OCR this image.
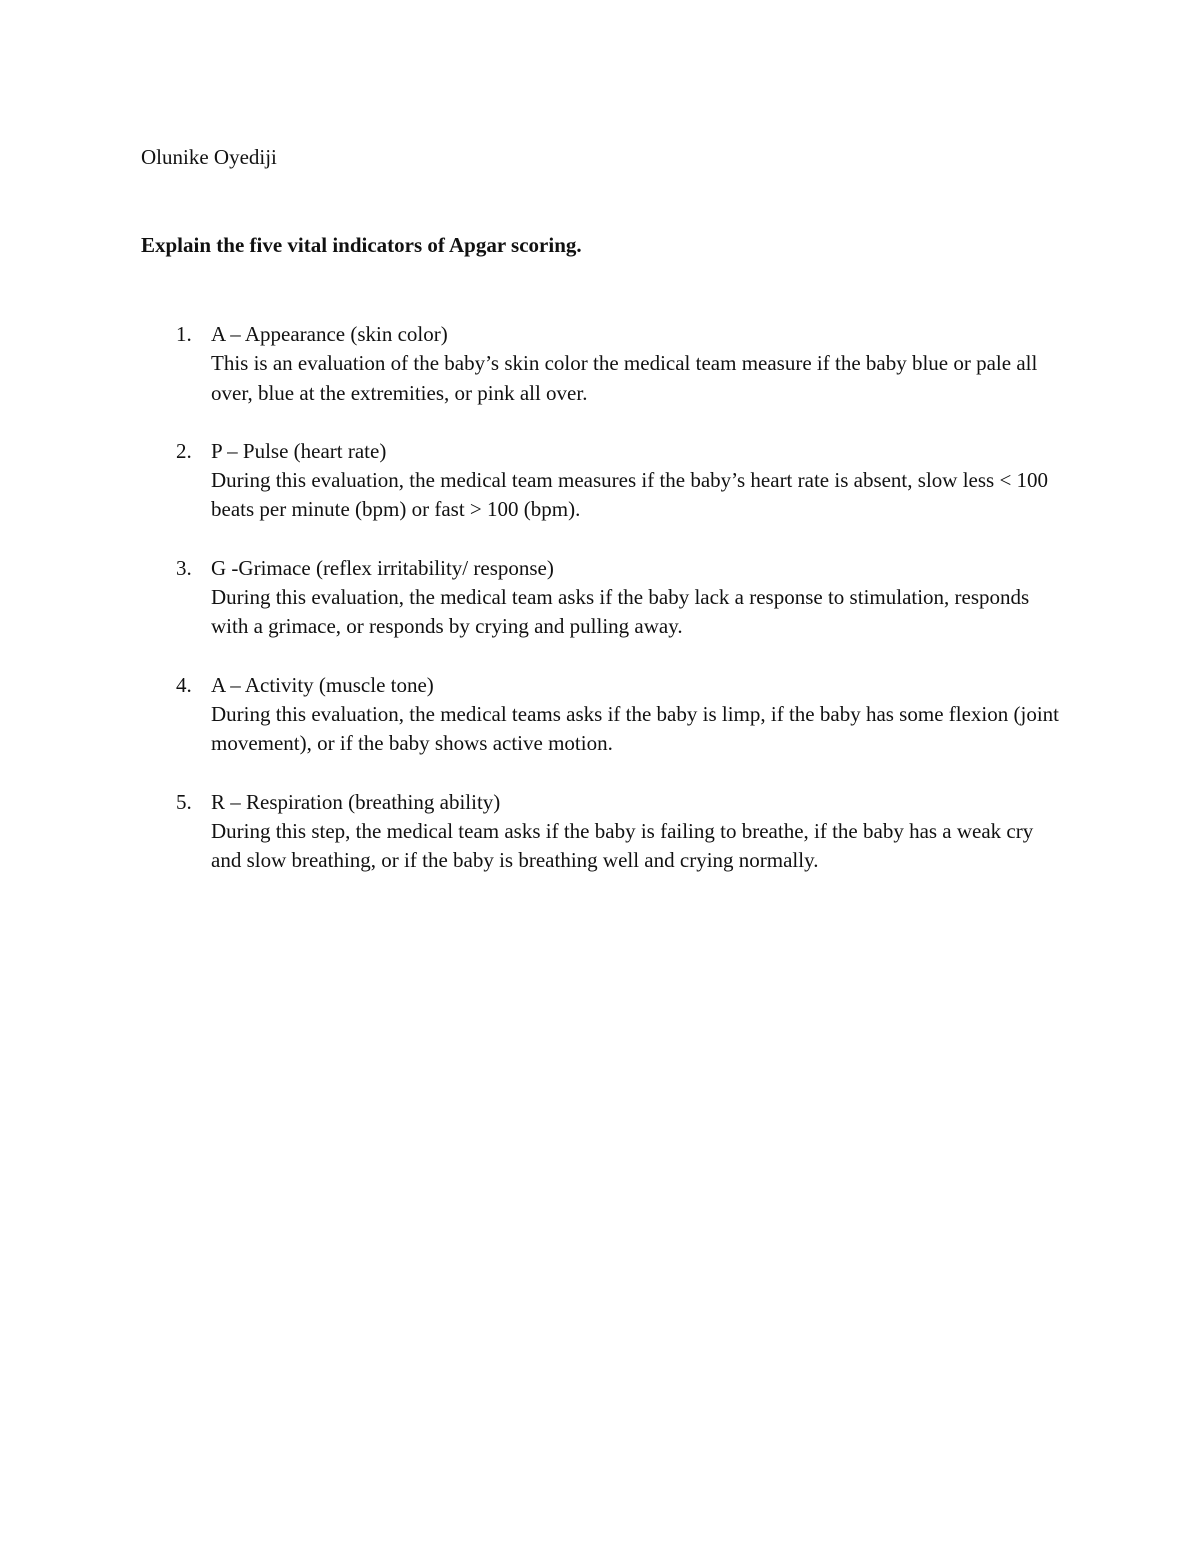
Olunike Oyediji
Explain the five vital indicators of Apgar scoring.
1. A – Appearance (skin color)
This is an evaluation of the baby’s skin color the medical team measure if the baby blue or pale all over, blue at the extremities, or pink all over.
2. P – Pulse (heart rate)
During this evaluation, the medical team measures if the baby’s heart rate is absent, slow less < 100 beats per minute (bpm) or fast > 100 (bpm).
3. G -Grimace (reflex irritability/ response)
During this evaluation, the medical team asks if the baby lack a response to stimulation, responds with a grimace, or responds by crying and pulling away.
4. A – Activity (muscle tone)
During this evaluation, the medical teams asks if the baby is limp, if the baby has some flexion (joint movement), or if the baby shows active motion.
5. R – Respiration (breathing ability)
During this step, the medical team asks if the baby is failing to breathe, if the baby has a weak cry and slow breathing, or if the baby is breathing well and crying normally.
